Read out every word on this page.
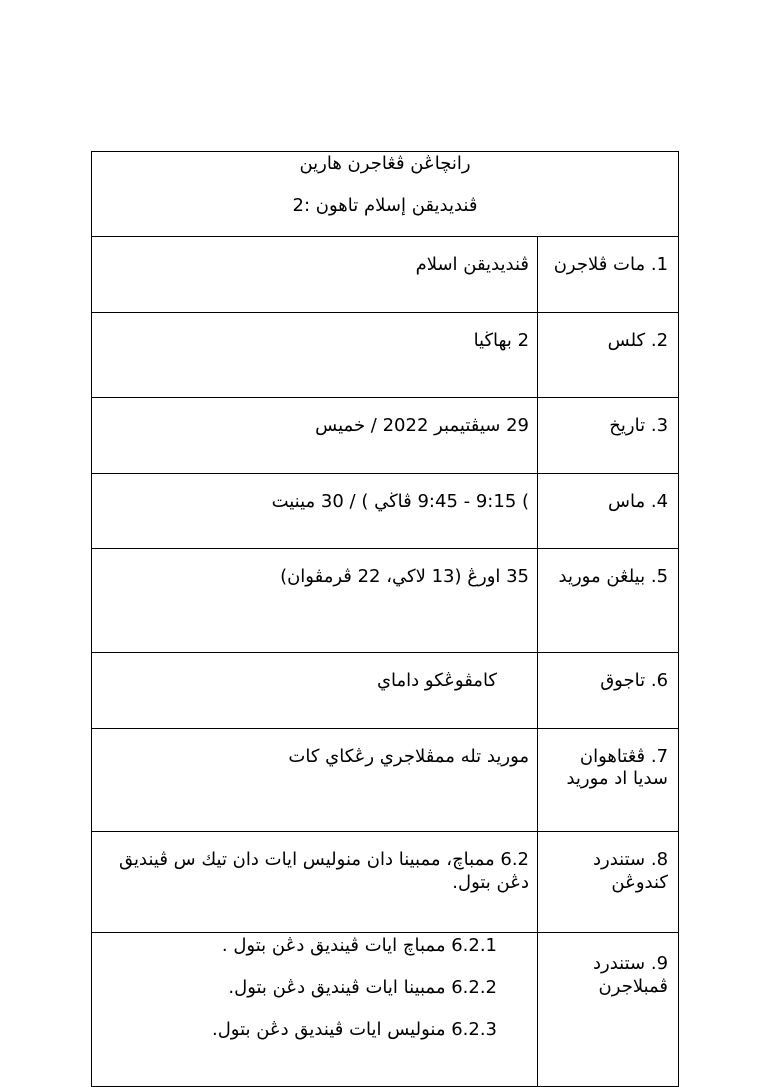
رانچاڠن ڤڠاجرن هارين
ڤنديديقن إسلام تاهون :2	

1. مات ڤلاجرن	ڤنديديقن اسلام
2. كلس	2 بهاڬيا
3. تاريخ	29 سيڤتيمبر 2022 / خميس
4. ماس	) 9:15 - 9:45 ڤاڬي ) / 30 مينيت
5. بيلڠن موريد	35 اورڠ (13 لاكي، 22 ڤرمڤوان)
6. تاجوق	كامڤوڠكو داماي
7. ڤڠتاهوان سديا اد موريد	موريد تله ممڤلاجري رڠكاي كات
8. ستندرد كندوڠن	6.2 ممباچ، ممبينا دان منوليس ايات دان تيك س ڤينديق دڠن بتول.
9. ستندرد ڤمبلاجرن	6.2.1 ممباچ ايات ڤينديق دڠن بتول .
6.2.2 ممبينا ايات ڤينديق دڠن بتول.
6.2.3 منوليس ايات ڤينديق دڠن بتول.
